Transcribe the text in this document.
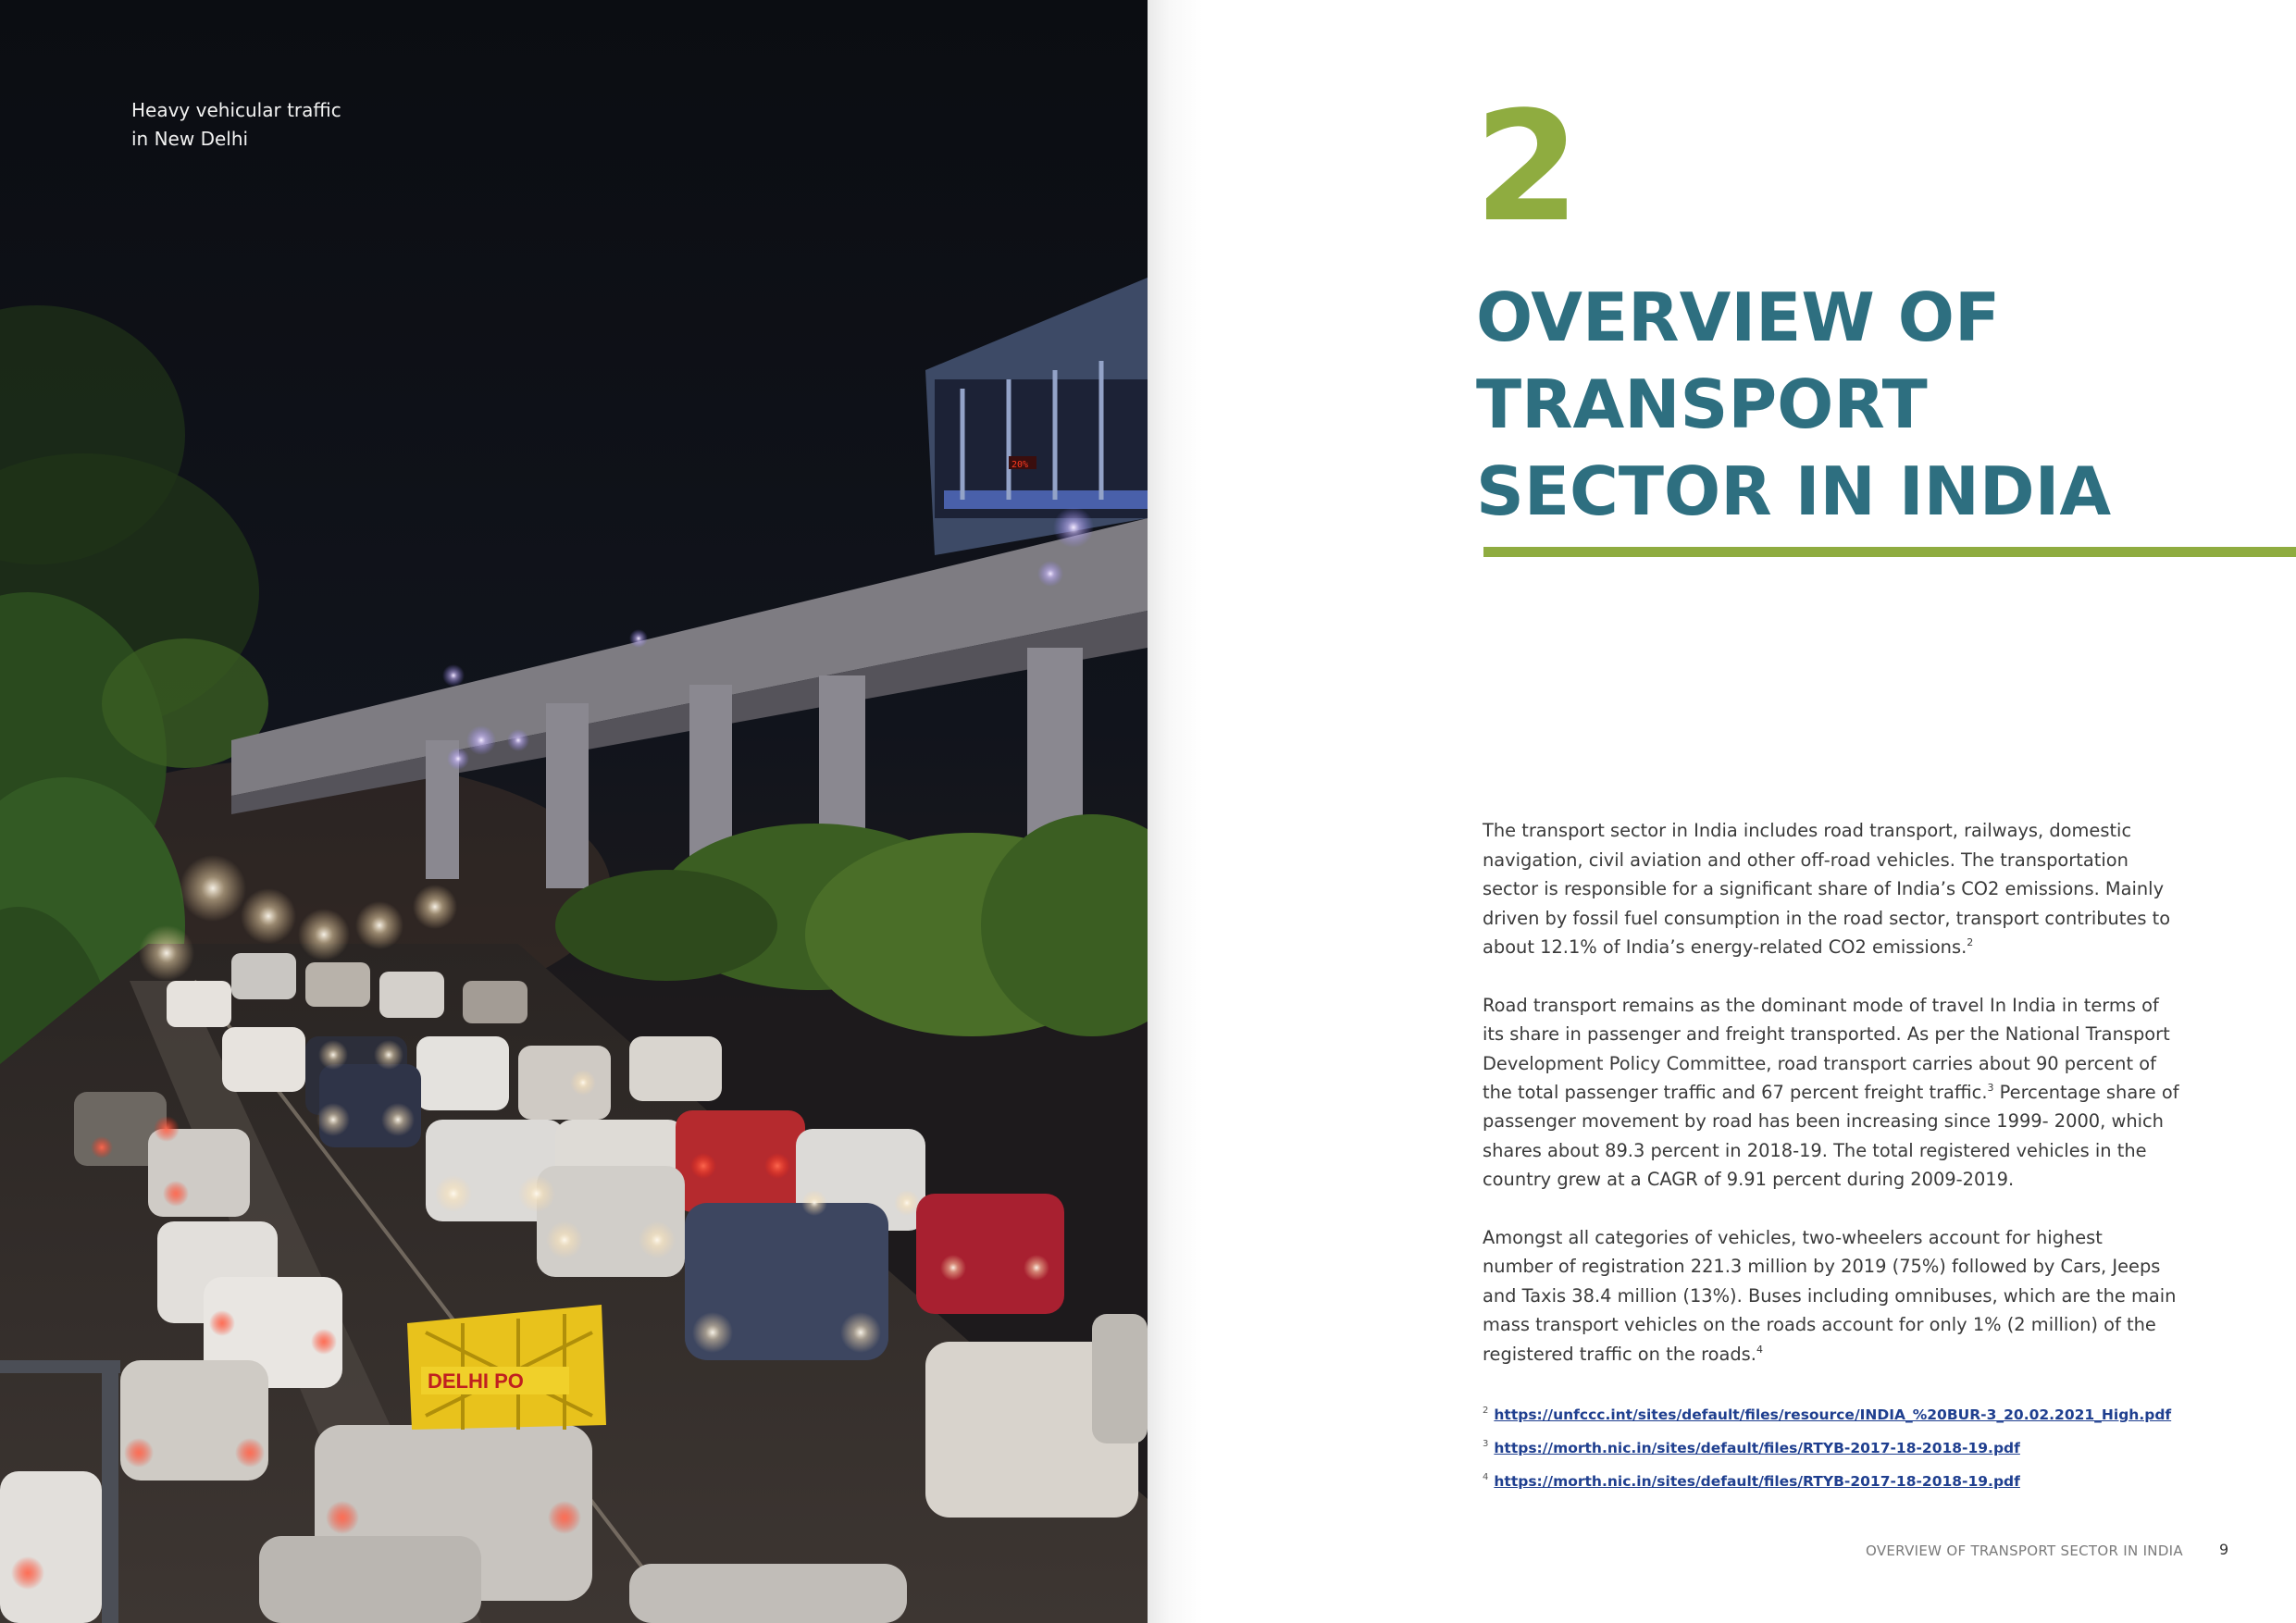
20%
DELHI PO
Heavy vehicular traffic
in New Delhi	2
OVERVIEW OF
TRANSPORT
SECTOR IN INDIA

The transport sector in India includes road transport, railways, domestic
navigation, civil aviation and other off-road vehicles. The transportation
sector is responsible for a significant share of India’s CO2 emissions. Mainly
driven by fossil fuel consumption in the road sector, transport contributes to
about 12.1% of India’s energy-related CO2 emissions.$^2$

Road transport remains as the dominant mode of travel In India in terms of
its share in passenger and freight transported. As per the National Transport
Development Policy Committee, road transport carries about 90 percent of
the total passenger traffic and 67 percent freight traffic.$^3$ Percentage share of
passenger movement by road has been increasing since 1999- 2000, which
shares about 89.3 percent in 2018-19. The total registered vehicles in the
country grew at a CAGR of 9.91 percent during 2009-2019.

Amongst all categories of vehicles, two-wheelers account for highest
number of registration 221.3 million by 2019 (75%) followed by Cars, Jeeps
and Taxis 38.4 million (13%). Buses including omnibuses, which are the main
mass transport vehicles on the roads account for only 1% (2 million) of the
registered traffic on the roads.$^4$

$^2$ https://unfccc.int/sites/default/files/resource/INDIA_%20BUR-3_20.02.2021_High.pdf
$^3$ https://morth.nic.in/sites/default/files/RTYB-2017-18-2018-19.pdf
$^4$ https://morth.nic.in/sites/default/files/RTYB-2017-18-2018-19.pdf
OVERVIEW OF TRANSPORT SECTOR IN INDIA 9
